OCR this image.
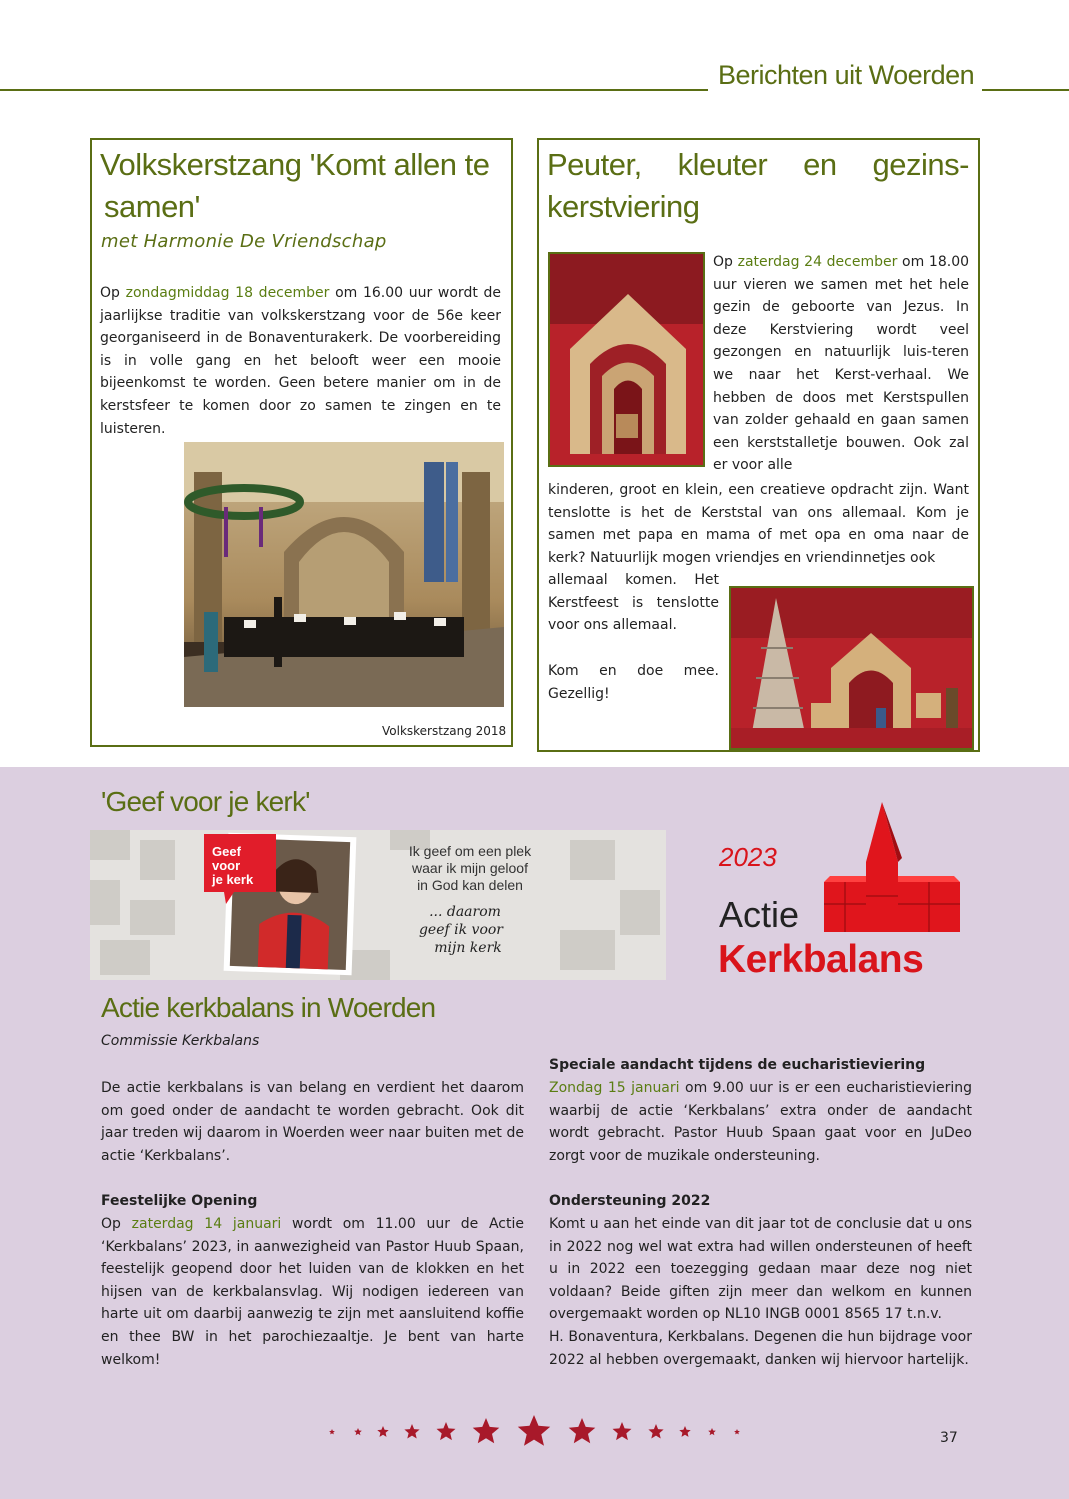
Berichten uit Woerden
Volkskerstzang 'Komt allen te
samen'
met Harmonie De Vriendschap
Op zondagmiddag 18 december om 16.00 uur wordt de jaarlijkse traditie van volkskerstzang voor de 56e keer georganiseerd in de Bonaventurakerk. De voorbereiding is in volle gang en het belooft weer een mooie bijeenkomst te worden. Geen betere manier om in de kerstsfeer te komen door zo samen te zingen en te luisteren.
Volkskerstzang 2018
Peuter, kleuter en gezins-
kerstviering
Op zaterdag 24 december om 18.00 uur vieren we samen met het hele gezin de geboorte van Jezus. In deze Kerstviering wordt veel gezongen en natuurlijk luis-teren we naar het Kerst-verhaal. We hebben de doos met Kerstspullen van zolder gehaald en gaan samen een kerststalletje bouwen. Ook zal er voor alle
kinderen, groot en klein, een creatieve opdracht zijn. Want tenslotte is het de Kerststal van ons allemaal. Kom je samen met papa en mama of met opa en oma naar de kerk? Natuurlijk mogen vriendjes en vriendinnetjes ook
allemaal komen. Het Kerstfeest is tenslotte voor ons allemaal.
Kom en doe mee. Gezellig!
'Geef voor je kerk'
Geef
voor
je kerk
Ik geef om een plek
waar ik mijn geloof
in God kan delen
... daarom
geef ik voor
mijn kerk
2023
Actie
Kerkbalans
Actie kerkbalans in Woerden
Commissie Kerkbalans
De actie kerkbalans is van belang en verdient het daarom om goed onder de aandacht te worden gebracht. Ook dit jaar treden wij daarom in Woerden weer naar buiten met de actie ‘Kerkbalans’.
Feestelijke Opening
Op zaterdag 14 januari wordt om 11.00 uur de Actie ‘Kerkbalans’ 2023, in aanwezigheid van Pastor Huub Spaan, feestelijk geopend door het luiden van de klokken en het hijsen van de kerkbalansvlag. Wij nodigen iedereen van harte uit om daarbij aanwezig te zijn met aansluitend koffie en thee BW in het parochiezaaltje. Je bent van harte welkom!
Speciale aandacht tijdens de eucharistieviering
Zondag 15 januari om 9.00 uur is er een eucharistieviering waarbij de actie ‘Kerkbalans’ extra onder de aandacht wordt gebracht. Pastor Huub Spaan gaat voor en JuDeo zorgt voor de muzikale ondersteuning.
Ondersteuning 2022
Komt u aan het einde van dit jaar tot de conclusie dat u ons in 2022 nog wel wat extra had willen ondersteunen of heeft u in 2022 een toezegging gedaan maar deze nog niet voldaan? Beide giften zijn meer dan welkom en kunnen overgemaakt worden op NL10 INGB 0001 8565 17 t.n.v.
H. Bonaventura, Kerkbalans. Degenen die hun bijdrage voor 2022 al hebben overgemaakt, danken wij hiervoor hartelijk.
37
